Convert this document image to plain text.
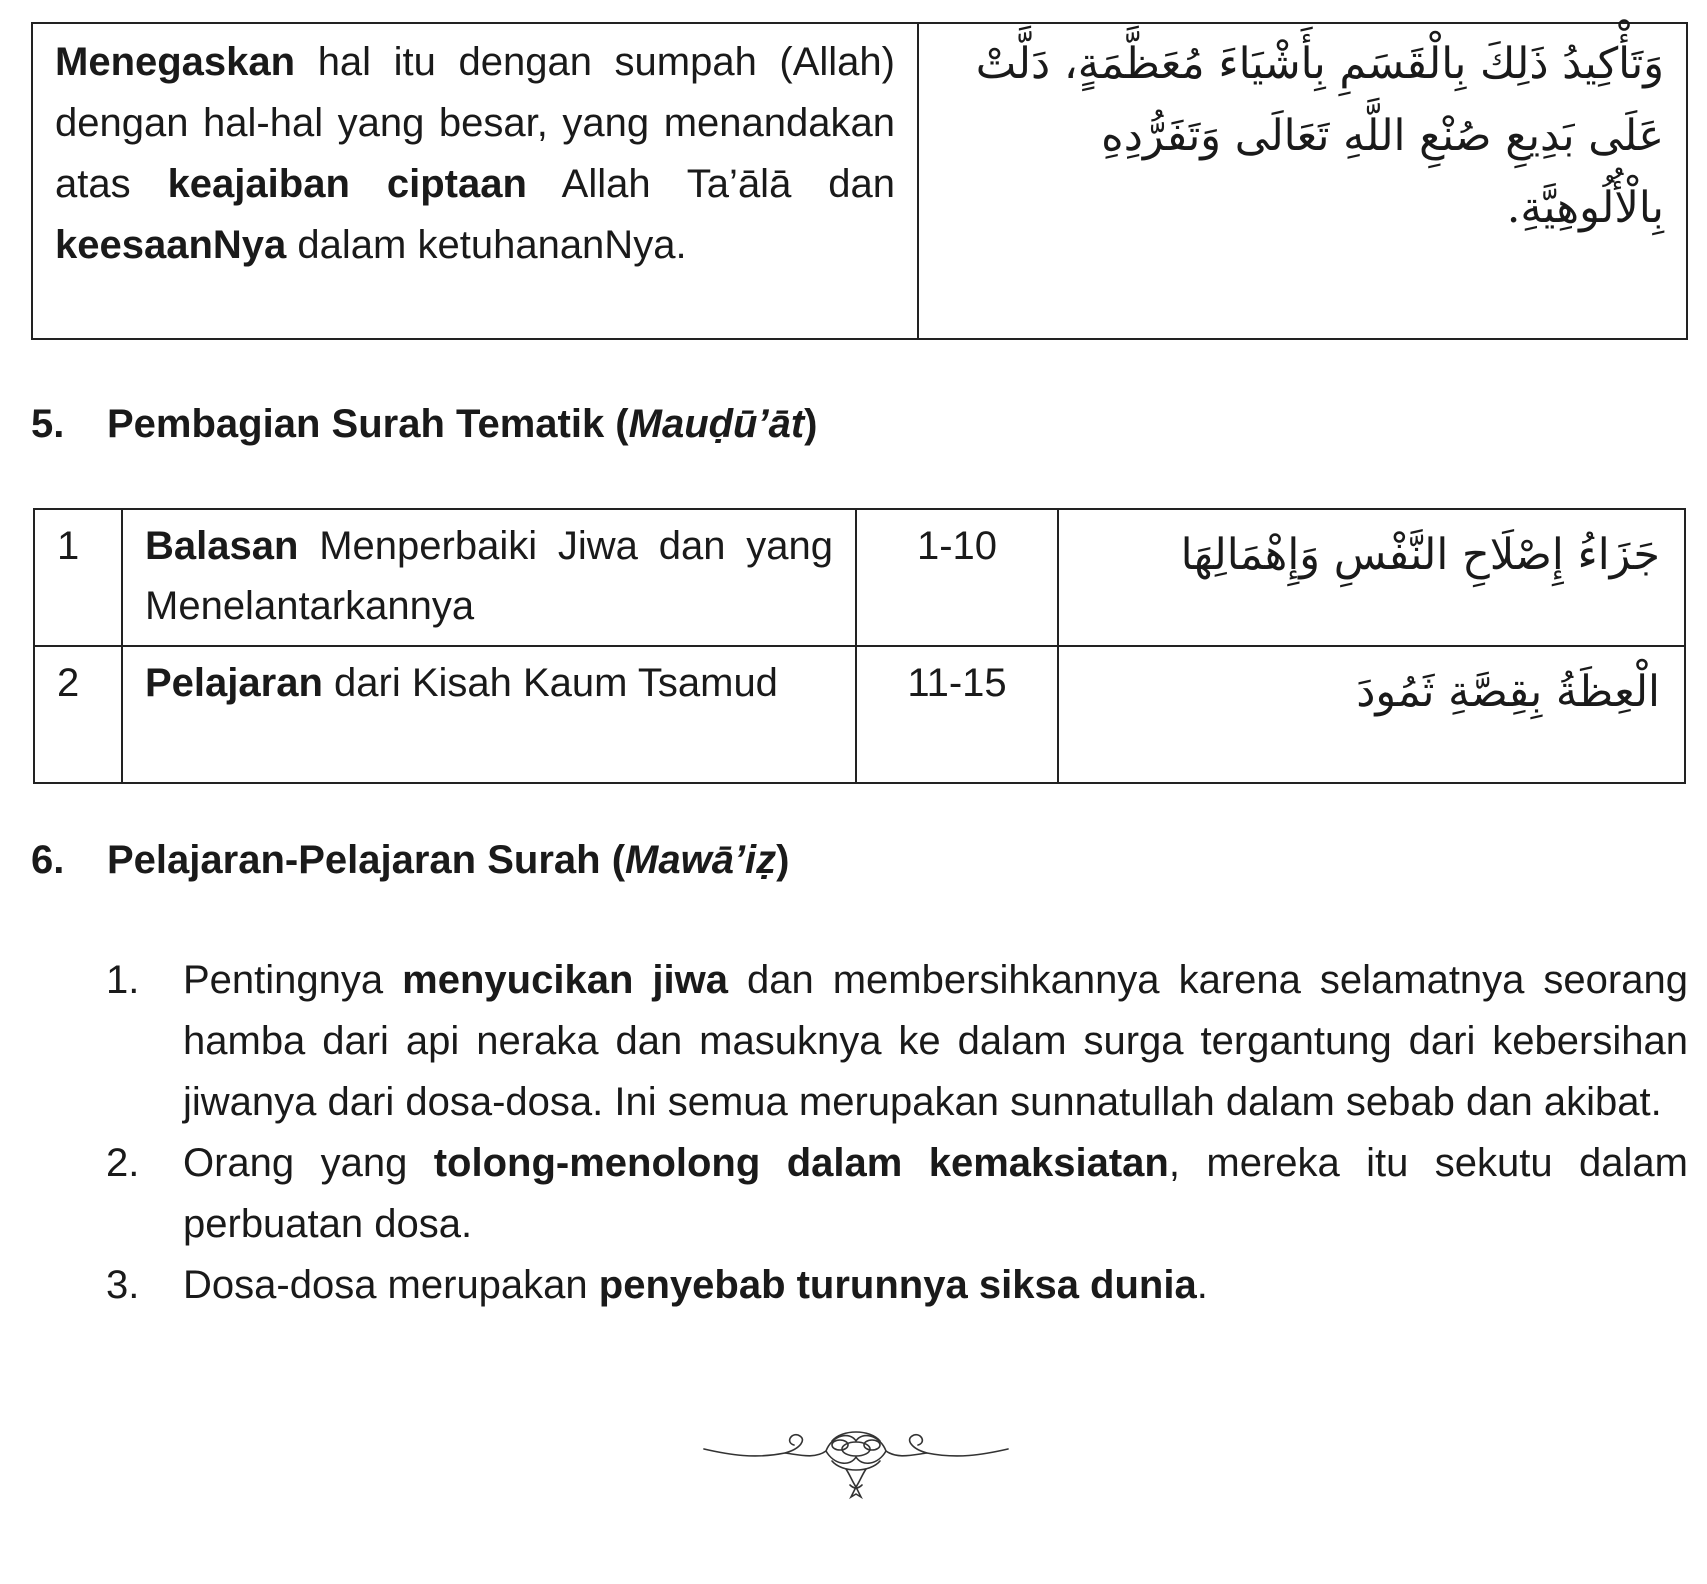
Menegaskan hal itu dengan sumpah (Allah) dengan hal-hal yang besar, yang menandakan atas keajaiban ciptaan Allah Ta’ālā dan keesaanNya dalam ketuhananNya.	وَتَأْكِيدُ ذَلِكَ بِالْقَسَمِ بِأَشْيَاءَ مُعَظَّمَةٍ، دَلَّتْ عَلَى بَدِيعِ صُنْعِ اللَّهِ تَعَالَى وَتَفَرُّدِهِ بِالْأُلُوهِيَّةِ.
5. Pembagian Surah Tematik (Mauḍū’āt)
1	Balasan Menperbaiki Jiwa dan yang Menelantarkannya	1-10	جَزَاءُ إِصْلَاحِ النَّفْسِ وَإِهْمَالِهَا
2	Pelajaran dari Kisah Kaum Tsamud	11-15	الْعِظَةُ بِقِصَّةِ ثَمُودَ
6. Pelajaran-Pelajaran Surah (Mawā’iẓ)
1. Pentingnya menyucikan jiwa dan membersihkannya karena selamatnya seorang hamba dari api neraka dan masuknya ke dalam surga tergantung dari kebersihan jiwanya dari dosa-dosa. Ini semua merupakan sunnatullah dalam sebab dan akibat.
2. Orang yang tolong-menolong dalam kemaksiatan, mereka itu sekutu dalam perbuatan dosa.
3. Dosa-dosa merupakan penyebab turunnya siksa dunia.
